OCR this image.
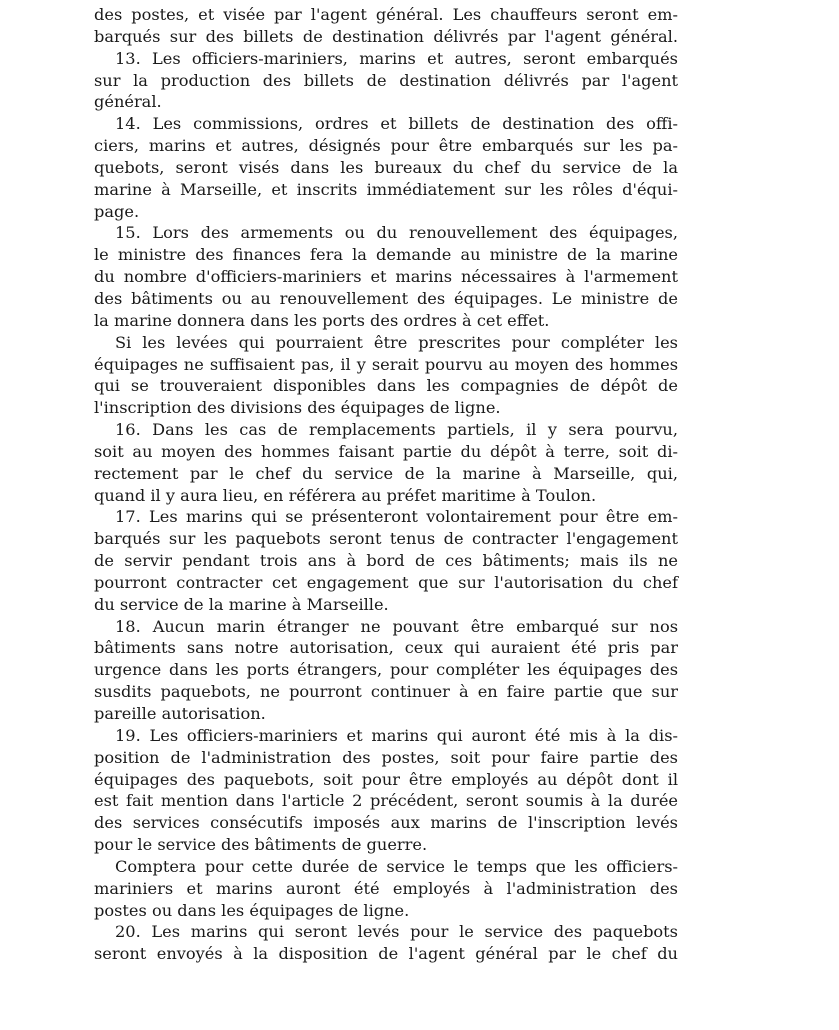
des postes, et visée par l'agent général. Les chauffeurs seront em-
barqués sur des billets de destination délivrés par l'agent général.
13. Les officiers-mariniers, marins et autres, seront embarqués
sur la production des billets de destination délivrés par l'agent
général.
14. Les commissions, ordres et billets de destination des offi-
ciers, marins et autres, désignés pour être embarqués sur les pa-
quebots, seront visés dans les bureaux du chef du service de la
marine à Marseille, et inscrits immédiatement sur les rôles d'équi-
page.
15. Lors des armements ou du renouvellement des équipages,
le ministre des finances fera la demande au ministre de la marine
du nombre d'officiers-mariniers et marins nécessaires à l'armement
des bâtiments ou au renouvellement des équipages. Le ministre de
la marine donnera dans les ports des ordres à cet effet.
Si les levées qui pourraient être prescrites pour compléter les
équipages ne suffisaient pas, il y serait pourvu au moyen des hommes
qui se trouveraient disponibles dans les compagnies de dépôt de
l'inscription des divisions des équipages de ligne.
16. Dans les cas de remplacements partiels, il y sera pourvu,
soit au moyen des hommes faisant partie du dépôt à terre, soit di-
rectement par le chef du service de la marine à Marseille, qui,
quand il y aura lieu, en référera au préfet maritime à Toulon.
17. Les marins qui se présenteront volontairement pour être em-
barqués sur les paquebots seront tenus de contracter l'engagement
de servir pendant trois ans à bord de ces bâtiments; mais ils ne
pourront contracter cet engagement que sur l'autorisation du chef
du service de la marine à Marseille.
18. Aucun marin étranger ne pouvant être embarqué sur nos
bâtiments sans notre autorisation, ceux qui auraient été pris par
urgence dans les ports étrangers, pour compléter les équipages des
susdits paquebots, ne pourront continuer à en faire partie que sur
pareille autorisation.
19. Les officiers-mariniers et marins qui auront été mis à la dis-
position de l'administration des postes, soit pour faire partie des
équipages des paquebots, soit pour être employés au dépôt dont il
est fait mention dans l'article 2 précédent, seront soumis à la durée
des services consécutifs imposés aux marins de l'inscription levés
pour le service des bâtiments de guerre.
Comptera pour cette durée de service le temps que les officiers-
mariniers et marins auront été employés à l'administration des
postes ou dans les équipages de ligne.
20. Les marins qui seront levés pour le service des paquebots
seront envoyés à la disposition de l'agent général par le chef du
